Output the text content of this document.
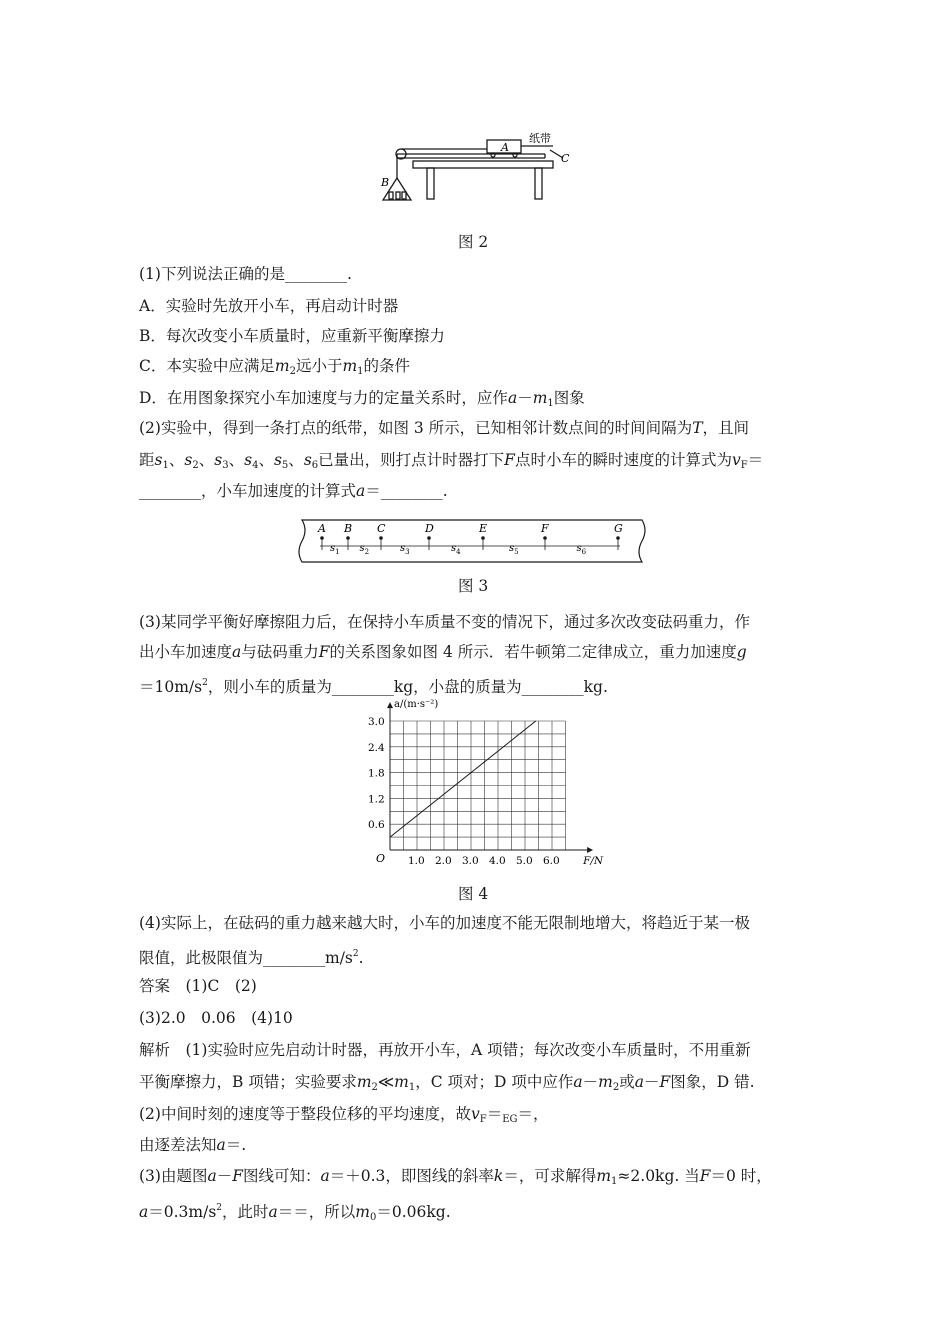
A
B
C
纸带
图 2
(1)下列说法正确的是________.
A．实验时先放开小车，再启动计时器
B．每次改变小车质量时，应重新平衡摩擦力
C．本实验中应满足$m_2$远小于$m_1$的条件
D．在用图象探究小车加速度与力的定量关系时，应作$a-m_1$图象
(2)实验中，得到一条打点的纸带，如图 3 所示，已知相邻计数点间的时间间隔为T，且间
距$s_1$、$s_2$、$s_3$、$s_4$、$s_5$、$s_6$已量出，则打点计时器打下F点时小车的瞬时速度的计算式为$v_F=$
________，小车加速度的计算式a＝________.
A B C	D	E	F	G
$s_1$ $s_2$	$s_3$	$s_4$	$s_5$	$s_6$
图 3
(3)某同学平衡好摩擦阻力后，在保持小车质量不变的情况下，通过多次改变砝码重力，作
出小车加速度a与砝码重力F的关系图象如图 4 所示．若牛顿第二定律成立，重力加速度g
$=10m/s^2$，则小车的质量为________kg，小盘的质量为________kg.
1.0 2.0 3.0 4.0 5.0 6.0
0.6
1.2
1.8
2.4
3.0
O	F/N
a/(m·s⁻²)
图 4
(4)实际上，在砝码的重力越来越大时，小车的加速度不能无限制地增大，将趋近于某一极
限值，此极限值为$\_\_\_\_\_\_\_\_m/s^2$.
答案　(1)C　(2)
(3)2.0　0.06　(4)10
解析　(1)实验时应先启动计时器，再放开小车，A 项错；每次改变小车质量时，不用重新
平衡摩擦力，B 项错；实验要求$m_2≪m_1$，C 项对；D 项中应作$a-m_2$或a－F图象，D 错.
(2)中间时刻的速度等于整段位移的平均速度，故$v_F=_{EG}=$，
由逐差法知a＝.
(3)由题图a－F图线可知：a＝＋0.3，即图线的斜率k＝，可求解得$m_1\approx 2.0kg$. 当F＝0 时，
$a=0.3m/s^2$，此时a＝＝，所以$m_0=0.06kg$.
